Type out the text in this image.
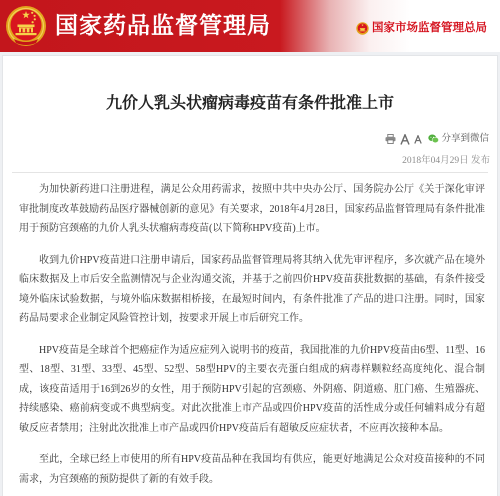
国家药品监督管理局	国家市场监督管理总局
九价人乳头状瘤病毒疫苗有条件批准上市
分享到微信
2018年04月29日 发布

为加快新药进口注册进程，满足公众用药需求，按照中共中央办公厅、国务院办公厅《关于深化审评审批制度改革鼓励药品医疗器械创新的意见》有关要求，2018年4月28日，国家药品监督管理局有条件批准用于预防宫颈癌的九价人乳头状瘤病毒疫苗(以下简称HPV疫苗)上市。

收到九价HPV疫苗进口注册申请后，国家药品监督管理局将其纳入优先审评程序，多次就产品在境外临床数据及上市后安全监测情况与企业沟通交流，并基于之前四价HPV疫苗获批数据的基础，有条件接受境外临床试验数据，与境外临床数据相桥接，在最短时间内，有条件批准了产品的进口注册。同时，国家药品局要求企业制定风险管控计划，按要求开展上市后研究工作。

HPV疫苗是全球首个把癌症作为适应症列入说明书的疫苗，我国批准的九价HPV疫苗由6型、11型、16型、18型、31型、33型、45型、52型、58型HPV的主要衣壳蛋白组成的病毒样颗粒经高度纯化、混合制成，该疫苗适用于16到26岁的女性，用于预防HPV引起的宫颈癌、外阴癌、阴道癌、肛门癌、生殖器疣、持续感染、癌前病变或不典型病变。对此次批准上市产品或四价HPV疫苗的活性成分或任何辅料成分有超敏反应者禁用；注射此次批准上市产品或四价HPV疫苗后有超敏反应症状者，不应再次接种本品。

至此，全球已经上市使用的所有HPV疫苗品种在我国均有供应，能更好地满足公众对疫苗接种的不同需求，为宫颈癌的预防提供了新的有效手段。
